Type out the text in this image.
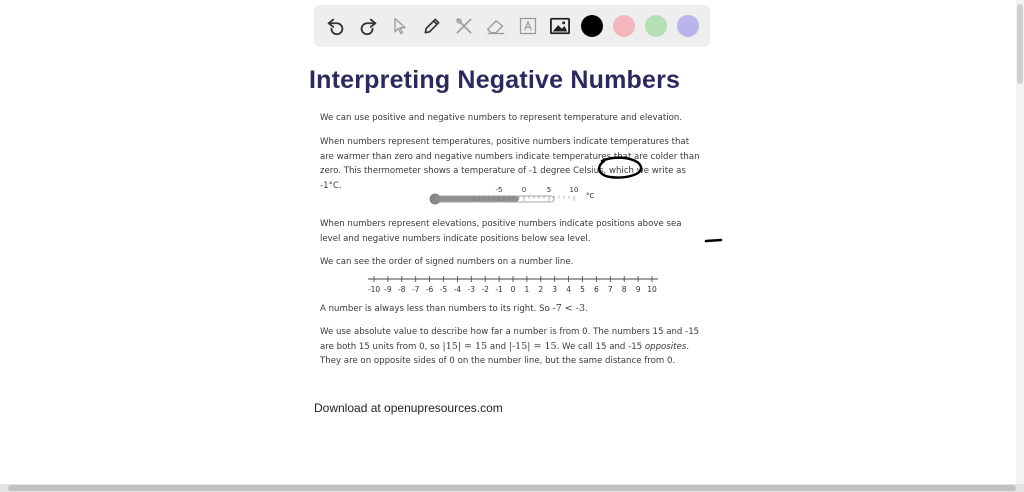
Interpreting Negative Numbers

We can use positive and negative numbers to represent temperature and elevation.

When numbers represent temperatures, positive numbers indicate temperatures that are warmer than zero and negative numbers indicate temperatures that are colder than zero. This thermometer shows a temperature of -1 degree Celsius, which we write as -1°C.	-5	0	5	10
°C

When numbers represent elevations, positive numbers indicate positions above sea level and negative numbers indicate positions below sea level.

We can see the order of signed numbers on a number line.

-10 -9 -8 -7 -6 -5 -4 -3 -2 -1 0 1 2 3 4 5 6 7 8 9 10

A number is always less than numbers to its right. So -7 < -3.

We use absolute value to describe how far a number is from 0. The numbers 15 and -15 are both 15 units from 0, so |15| = 15 and |-15| = 15. We call 15 and -15 opposites. They are on opposite sides of 0 on the number line, but the same distance from 0.

Download at openupresources.com
